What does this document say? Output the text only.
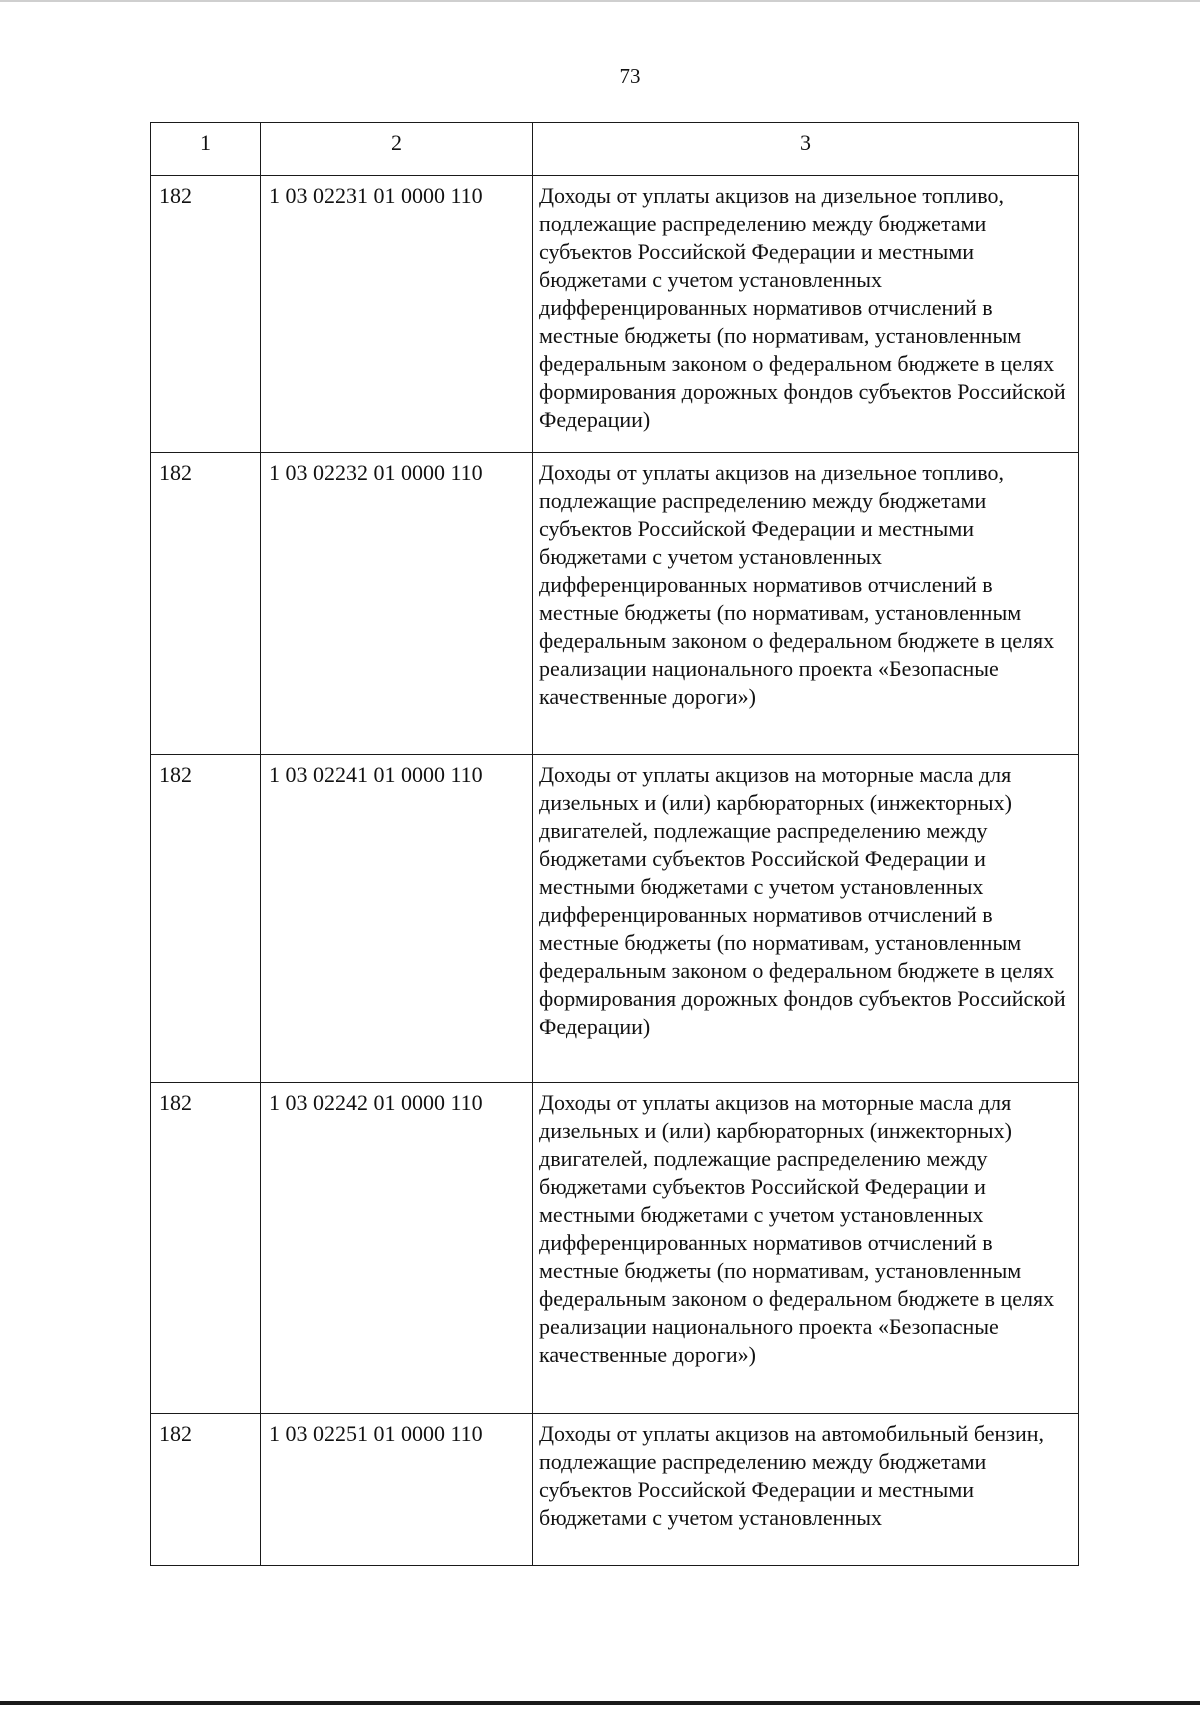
73
1	2	3
182	1 03 02231 01 0000 110	Доходы от уплаты акцизов на дизельное топливо, подлежащие распределению между бюджетами субъектов Российской Федерации и местными бюджетами с учетом установленных дифференцированных нормативов отчислений в местные бюджеты (по нормативам, установленным федеральным законом о федеральном бюджете в целях формирования дорожных фондов субъектов Российской Федерации)
182	1 03 02232 01 0000 110	Доходы от уплаты акцизов на дизельное топливо, подлежащие распределению между бюджетами субъектов Российской Федерации и местными бюджетами с учетом установленных дифференцированных нормативов отчислений в местные бюджеты (по нормативам, установленным федеральным законом о федеральном бюджете в целях реализации национального проекта «Безопасные качественные дороги»)
182	1 03 02241 01 0000 110	Доходы от уплаты акцизов на моторные масла для дизельных и (или) карбюраторных (инжекторных) двигателей, подлежащие распределению между бюджетами субъектов Российской Федерации и местными бюджетами с учетом установленных дифференцированных нормативов отчислений в местные бюджеты (по нормативам, установленным федеральным законом о федеральном бюджете в целях формирования дорожных фондов субъектов Российской Федерации)
182	1 03 02242 01 0000 110	Доходы от уплаты акцизов на моторные масла для дизельных и (или) карбюраторных (инжекторных) двигателей, подлежащие распределению между бюджетами субъектов Российской Федерации и местными бюджетами с учетом установленных дифференцированных нормативов отчислений в местные бюджеты (по нормативам, установленным федеральным законом о федеральном бюджете в целях реализации национального проекта «Безопасные качественные дороги»)
182	1 03 02251 01 0000 110	Доходы от уплаты акцизов на автомобильный бензин, подлежащие распределению между бюджетами субъектов Российской Федерации и местными бюджетами с учетом установленных
